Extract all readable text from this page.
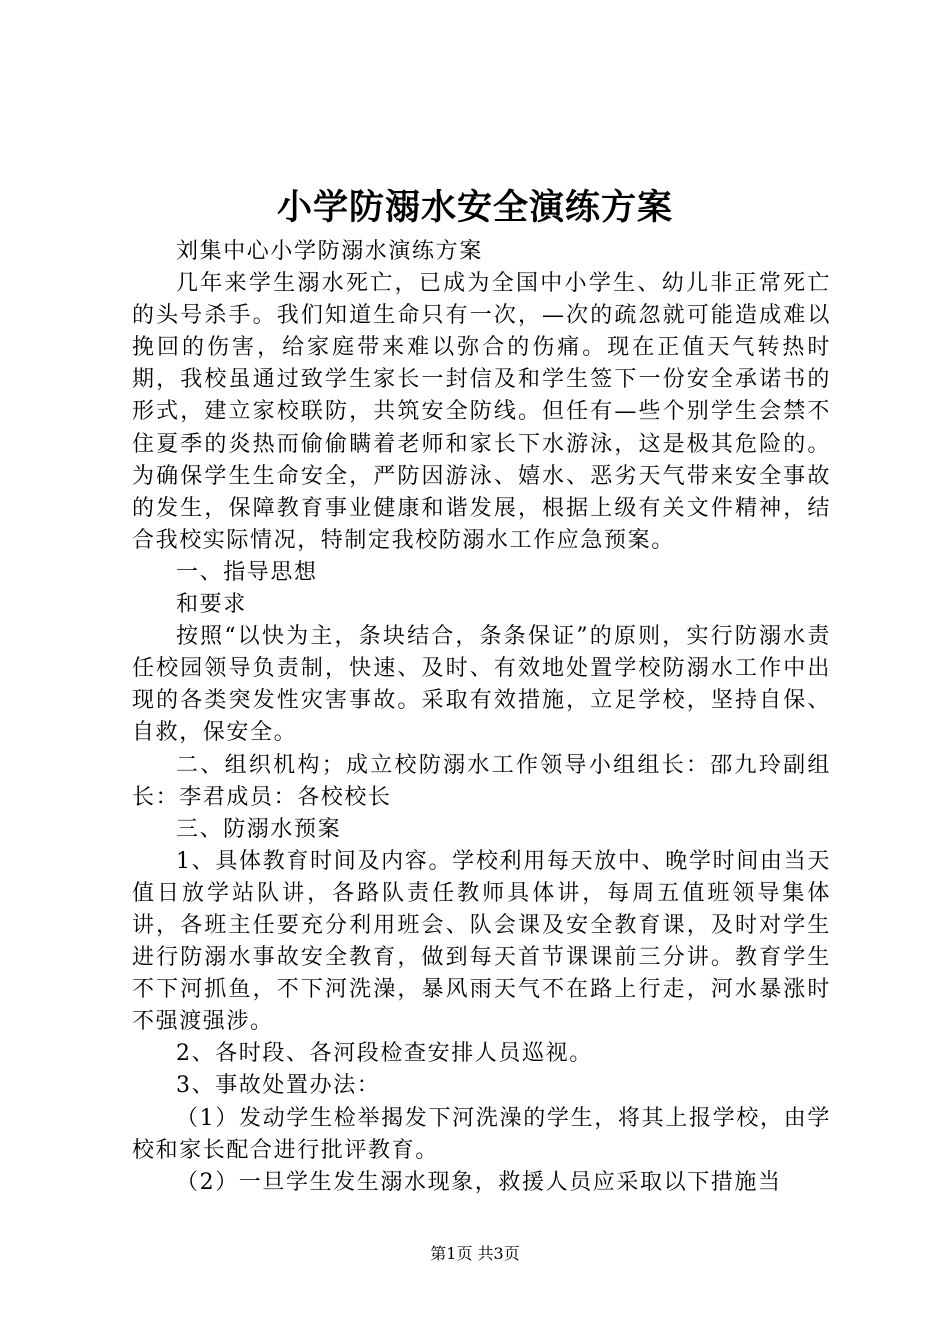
小学防溺水安全演练方案

刘集中心小学防溺水演练方案

几年来学生溺水死亡，已成为全国中小学生、幼儿非正常死亡的头号杀手。我们知道生命只有一次，—次的疏忽就可能造成难以挽回的伤害，给家庭带来难以弥合的伤痛。现在正值天气转热时期，我校虽通过致学生家长一封信及和学生签下一份安全承诺书的形式，建立家校联防，共筑安全防线。但任有—些个别学生会禁不住夏季的炎热而偷偷瞒着老师和家长下水游泳，这是极其危险的。为确保学生生命安全，严防因游泳、嬉水、恶劣天气带来安全事故的发生，保障教育事业健康和谐发展，根据上级有关文件精神，结合我校实际情况，特制定我校防溺水工作应急预案。

一、指导思想

和要求

按照“以快为主，条块结合，条条保证”的原则，实行防溺水责任校园领导负责制，快速、及时、有效地处置学校防溺水工作中出现的各类突发性灾害事故。采取有效措施，立足学校，坚持自保、自救，保安全。

二、组织机构；成立校防溺水工作领导小组组长：邵九玲副组长：李君成员：各校校长

三、防溺水预案

1、具体教育时间及内容。学校利用每天放中、晚学时间由当天值日放学站队讲，各路队责任教师具体讲，每周五值班领导集体讲，各班主任要充分利用班会、队会课及安全教育课，及时对学生进行防溺水事故安全教育，做到每天首节课课前三分讲。教育学生不下河抓鱼，不下河洗澡，暴风雨天气不在路上行走，河水暴涨时不强渡强涉。

2、各时段、各河段检查安排人员巡视。

3、事故处置办法：

（1）发动学生检举揭发下河洗澡的学生，将其上报学校，由学校和家长配合进行批评教育。

（2）一旦学生发生溺水现象，救援人员应采取以下措施当

第1页 共3页
